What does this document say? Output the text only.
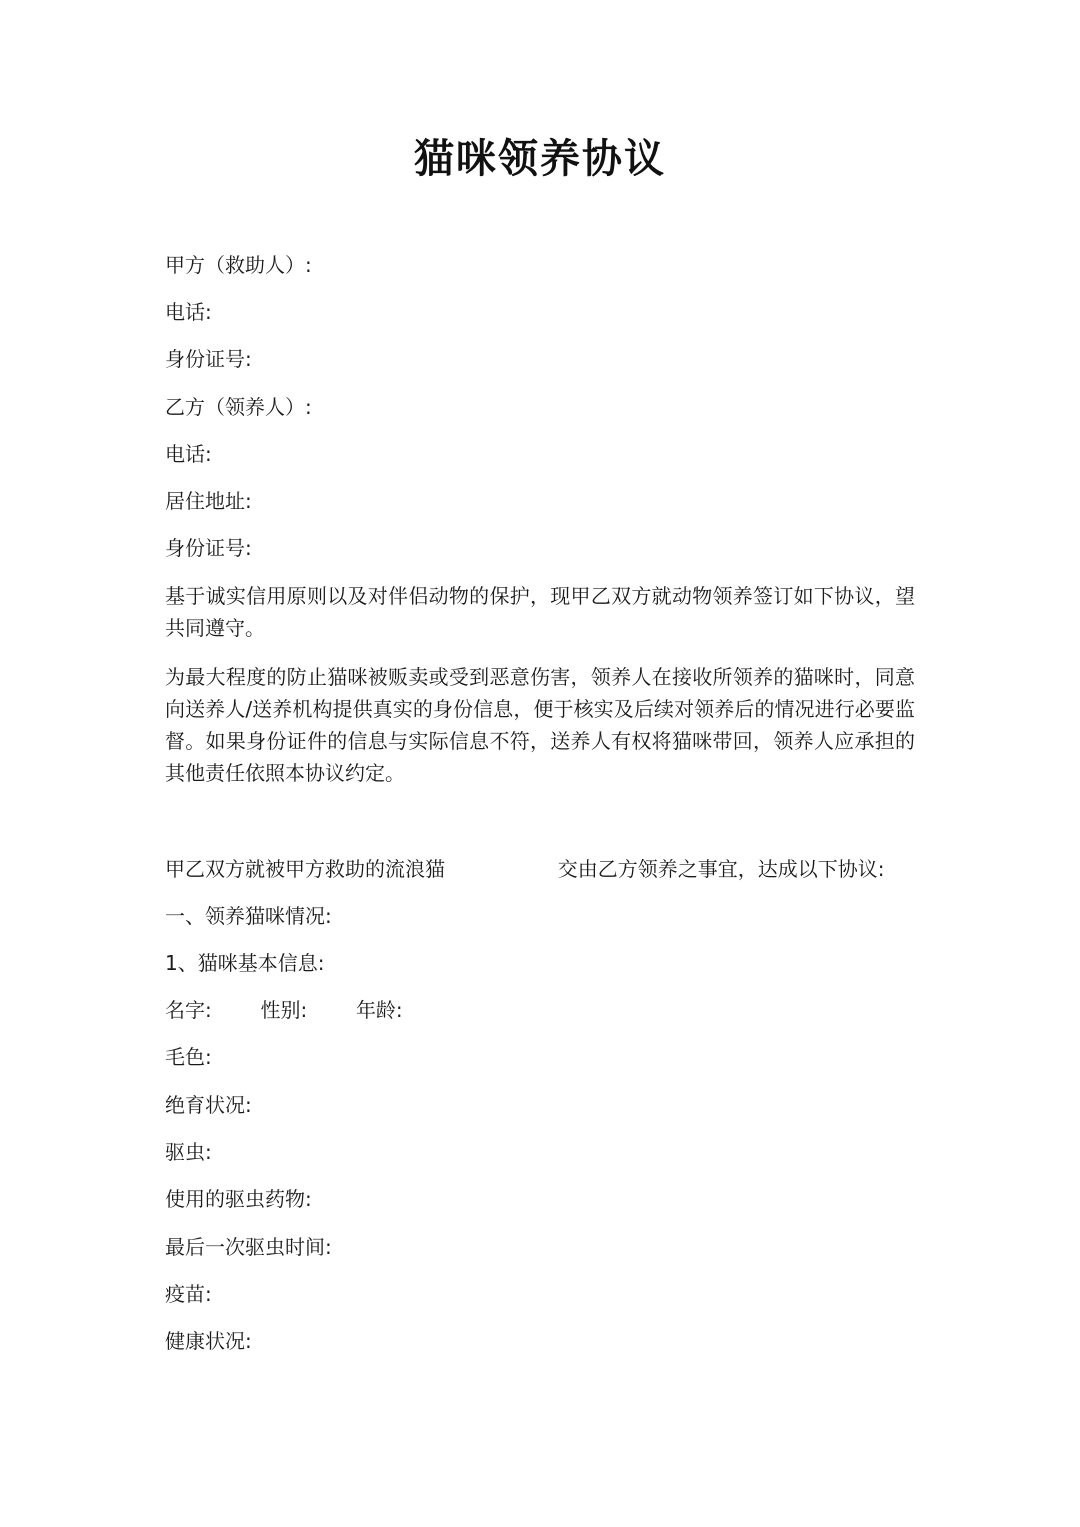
猫咪领养协议
甲方（救助人）:
电话:
身份证号:
乙方（领养人）:
电话:
居住地址:
身份证号:
基于诚实信用原则以及对伴侣动物的保护，现甲乙双方就动物领养签订如下协议，望共同遵守。
为最大程度的防止猫咪被贩卖或受到恶意伤害，领养人在接收所领养的猫咪时，同意向送养人/送养机构提供真实的身份信息，便于核实及后续对领养后的情况进行必要监督。如果身份证件的信息与实际信息不符，送养人有权将猫咪带回，领养人应承担的其他责任依照本协议约定。
甲乙双方就被甲方救助的流浪猫	交由乙方领养之事宜，达成以下协议:
一、领养猫咪情况:
1、猫咪基本信息:
名字: 性别: 年龄:
毛色:
绝育状况:
驱虫:
使用的驱虫药物:
最后一次驱虫时间:
疫苗:
健康状况:
